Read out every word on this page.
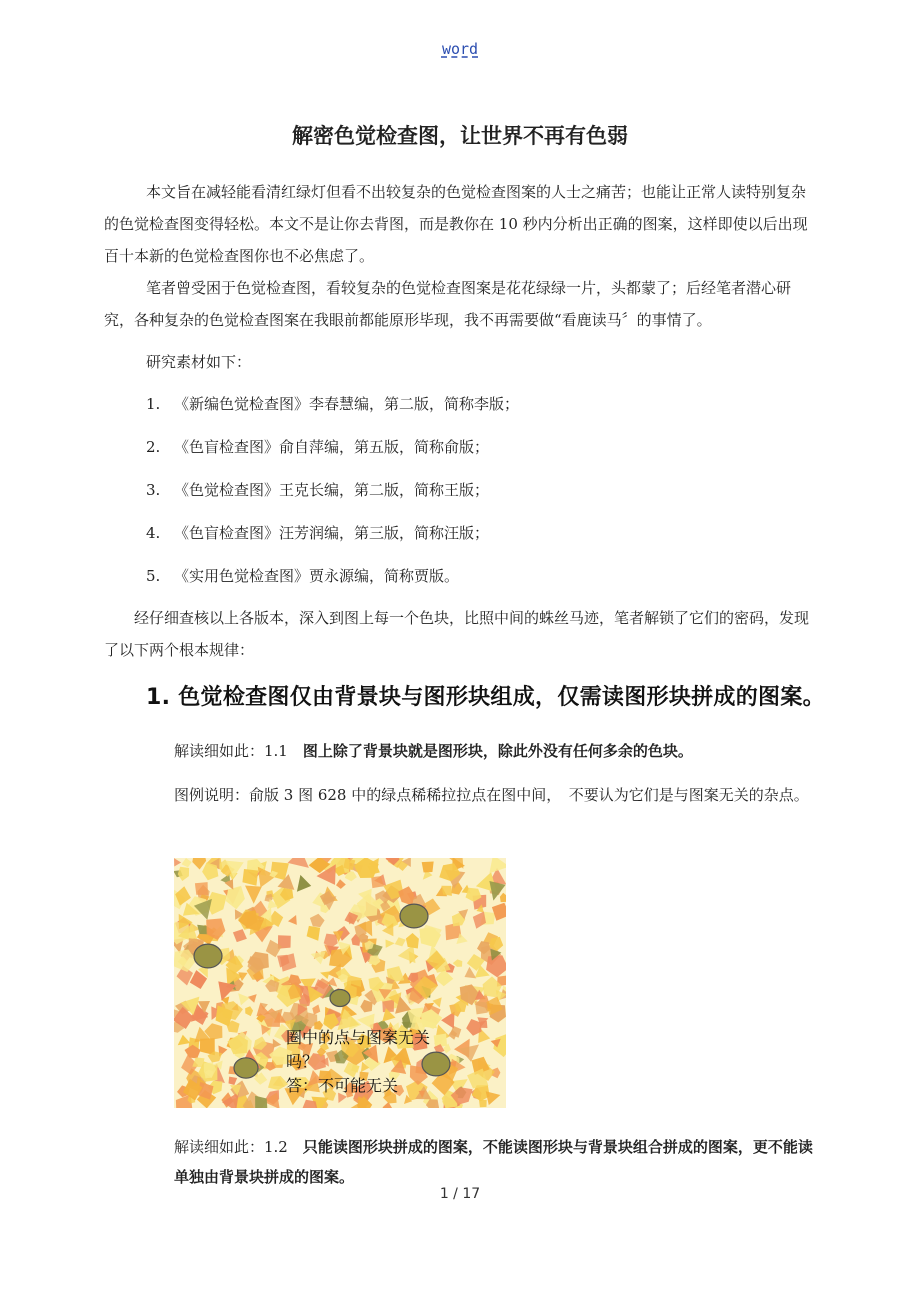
word
解密色觉检查图，让世界不再有色弱

本文旨在减轻能看清红绿灯但看不出较复杂的色觉检查图案的人士之痛苦；也能让正常人读特别复杂的色觉检查图变得轻松。本文不是让你去背图，而是教你在 10 秒内分析出正确的图案，这样即使以后出现百十本新的色觉检查图你也不必焦虑了。

笔者曾受困于色觉检查图，看较复杂的色觉检查图案是花花绿绿一片，头都蒙了；后经笔者潜心研究，各种复杂的色觉检查图案在我眼前都能原形毕现，我不再需要做“看鹿读马〞的事情了。

研究素材如下：

1. 《新编色觉检查图》李春慧编，第二版，简称李版；
2. 《色盲检查图》俞自萍编，第五版，简称俞版；
3. 《色觉检查图》王克长编，第二版，简称王版；
4. 《色盲检查图》汪芳润编，第三版，简称汪版；
5. 《实用色觉检查图》贾永源编，简称贾版。

经仔细查核以上各版本，深入到图上每一个色块，比照中间的蛛丝马迹，笔者解锁了它们的密码，发现了以下两个根本规律：

1. 色觉检查图仅由背景块与图形块组成，仅需读图形块拼成的图案。
解读细如此：1.1　图上除了背景块就是图形块，除此外没有任何多余的色块。
图例说明：俞版 3 图 628 中的绿点稀稀拉拉点在图中间，　不要认为它们是与图案无关的杂点。
圈中的点与图案无关
吗？
答：不可能无关
解读细如此：1.2　只能读图形块拼成的图案，不能读图形块与背景块组合拼成的图案，更不能读单独由背景块拼成的图案。
1 / 17
